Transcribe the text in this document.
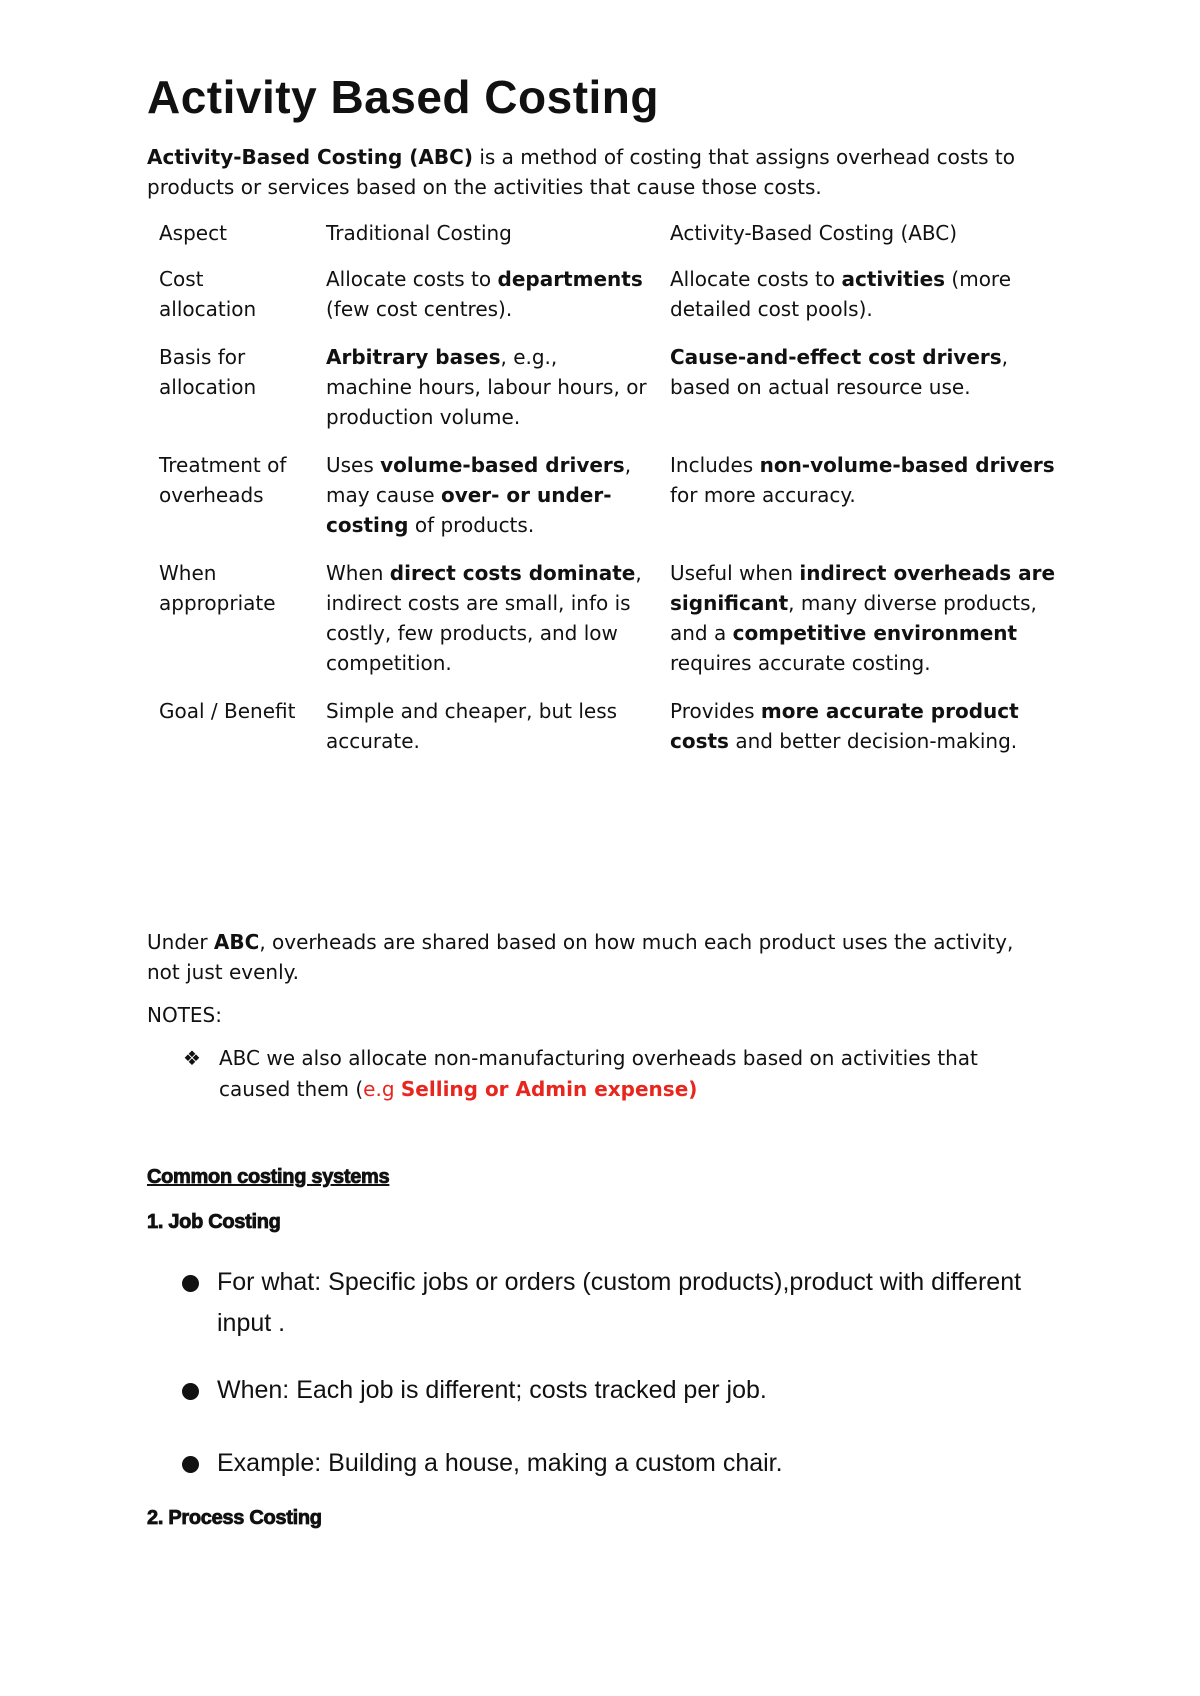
Activity Based Costing

Activity-Based Costing (ABC) is a method of costing that assigns overhead costs to products or services based on the activities that cause those costs.

Aspect	Traditional Costing	Activity-Based Costing (ABC)
Cost allocation	Allocate costs to departments (few cost centres).	Allocate costs to activities (more detailed cost pools).
Basis for allocation	Arbitrary bases, e.g., machine hours, labour hours, or production volume.	Cause-and-effect cost drivers, based on actual resource use.
Treatment of overheads	Uses volume-based drivers, may cause over- or under-costing of products.	Includes non-volume-based drivers for more accuracy.
When appropriate	When direct costs dominate, indirect costs are small, info is costly, few products, and low competition.	Useful when indirect overheads are significant, many diverse products, and a competitive environment requires accurate costing.
Goal / Benefit	Simple and cheaper, but less accurate.	Provides more accurate product costs and better decision-making.

Under ABC, overheads are shared based on how much each product uses the activity, not just evenly.

NOTES:

❖ ABC we also allocate non-manufacturing overheads based on activities that caused them (e.g Selling or Admin expense)

Common costing systems

1. Job Costing

For what: Specific jobs or orders (custom products),product with different input .
When: Each job is different; costs tracked per job.
Example: Building a house, making a custom chair.

2. Process Costing
